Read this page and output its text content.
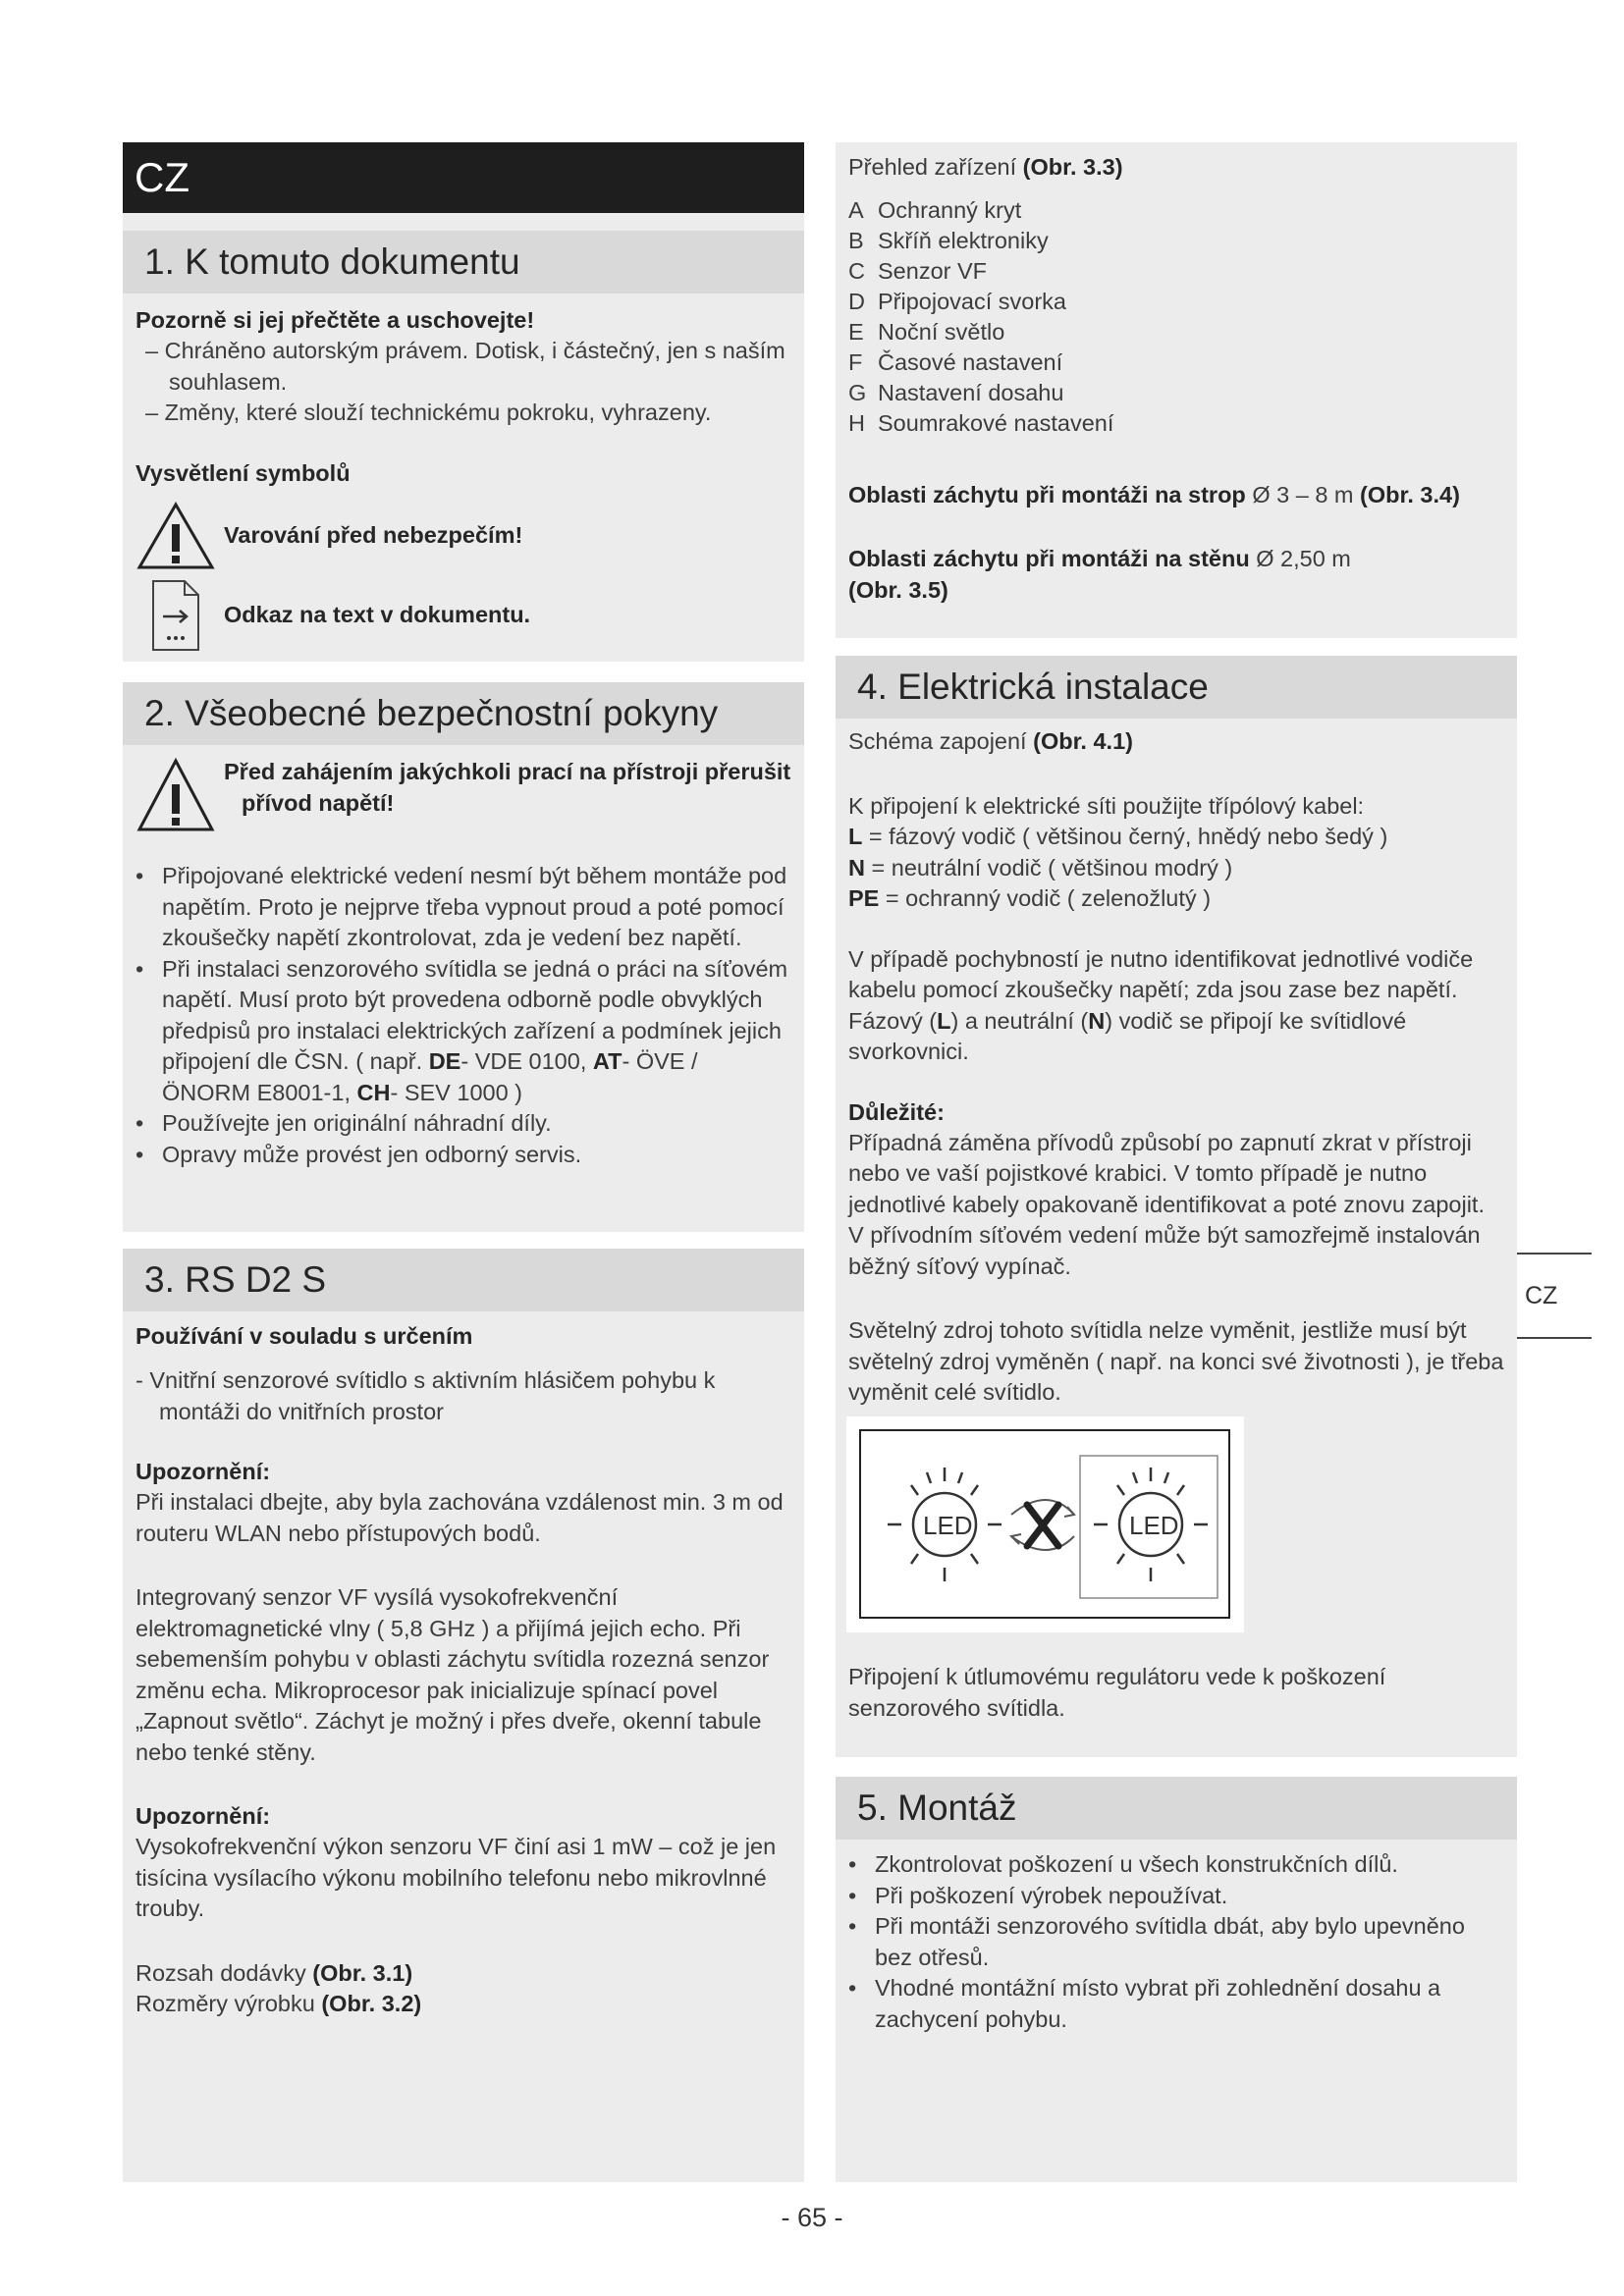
CZ
1. K tomuto dokumentu

Pozorně si jej přečtěte a uschovejte!

– Chráněno autorským právem. Dotisk, i částečný, jen s naším souhlasem.
– Změny, které slouží technickému pokroku, vyhrazeny.

Vysvětlení symbolů

Varování před nebezpečím!
Odkaz na text v dokumentu.
2. Všeobecné bezpečnostní pokyny

Před zahájením jakýchkoli prací na přístroji přerušit přívod napětí!

• Připojované elektrické vedení nesmí být během montáže pod napětím. Proto je nejprve třeba vypnout proud a poté pomocí zkoušečky napětí zkontrolovat, zda je vedení bez napětí.
• Při instalaci senzorového svítidla se jedná o práci na síťovém napětí. Musí proto být provedena odborně podle obvyklých předpisů pro instalaci elektrických zařízení a podmínek jejich připojení dle ČSN. ( např. DE- VDE 0100, AT- ÖVE / ÖNORM E8001-1, CH- SEV 1000 )
• Používejte jen originální náhradní díly.
• Opravy může provést jen odborný servis.
3. RS D2 S

Používání v souladu s určením

- Vnitřní senzorové svítidlo s aktivním hlásičem pohybu k montáži do vnitřních prostor

Upozornění:

Při instalaci dbejte, aby byla zachována vzdálenost min. 3 m od routeru WLAN nebo přístupových bodů.

Integrovaný senzor VF vysílá vysokofrekvenční elektromagnetické vlny ( 5,8 GHz ) a přijímá jejich echo. Při sebemenším pohybu v oblasti záchytu svítidla rozezná senzor změnu echa. Mikroprocesor pak inicializuje spínací povel „Zapnout světlo“. Záchyt je možný i přes dveře, okenní tabule nebo tenké stěny.

Upozornění:

Vysokofrekvenční výkon senzoru VF činí asi 1 mW – což je jen tisícina vysílacího výkonu mobilního telefonu nebo mikrovlnné trouby.

Rozsah dodávky (Obr. 3.1)

Rozměry výrobku (Obr. 3.2)

Přehled zařízení (Obr. 3.3)

A Ochranný kryt
B Skříň elektroniky
C Senzor VF
D Připojovací svorka
E Noční světlo
F Časové nastavení
G Nastavení dosahu
H Soumrakové nastavení

Oblasti záchytu při montáži na strop Ø 3 – 8 m (Obr. 3.4)

Oblasti záchytu při montáži na stěnu Ø 2,50 m
(Obr. 3.5)

4. Elektrická instalace

Schéma zapojení (Obr. 4.1)

K připojení k elektrické síti použijte třípólový kabel:

L = fázový vodič ( většinou černý, hnědý nebo šedý )

N = neutrální vodič ( většinou modrý )

PE = ochranný vodič ( zelenožlutý )

V případě pochybností je nutno identifikovat jednotlivé vodiče kabelu pomocí zkoušečky napětí; zda jsou zase bez napětí. Fázový (L) a neutrální (N) vodič se připojí ke svítidlové svorkovnici.

Důležité:

Případná záměna přívodů způsobí po zapnutí zkrat v přístroji nebo ve vaší pojistkové krabici. V tomto případě je nutno jednotlivé kabely opakovaně identifikovat a poté znovu zapojit. V přívodním síťovém vedení může být samozřejmě instalován běžný síťový vypínač.

Světelný zdroj tohoto svítidla nelze vyměnit, jestliže musí být světelný zdroj vyměněn ( např. na konci své životnosti ), je třeba vyměnit celé svítidlo.

LED	LED

Připojení k útlumovému regulátoru vede k poškození senzorového svítidla.

5. Montáž
• Zkontrolovat poškození u všech konstrukčních dílů.
• Při poškození výrobek nepoužívat.
• Při montáži senzorového svítidla dbát, aby bylo upevněno bez otřesů.
• Vhodné montážní místo vybrat při zohlednění dosahu a zachycení pohybu.
CZ
- 65 -
